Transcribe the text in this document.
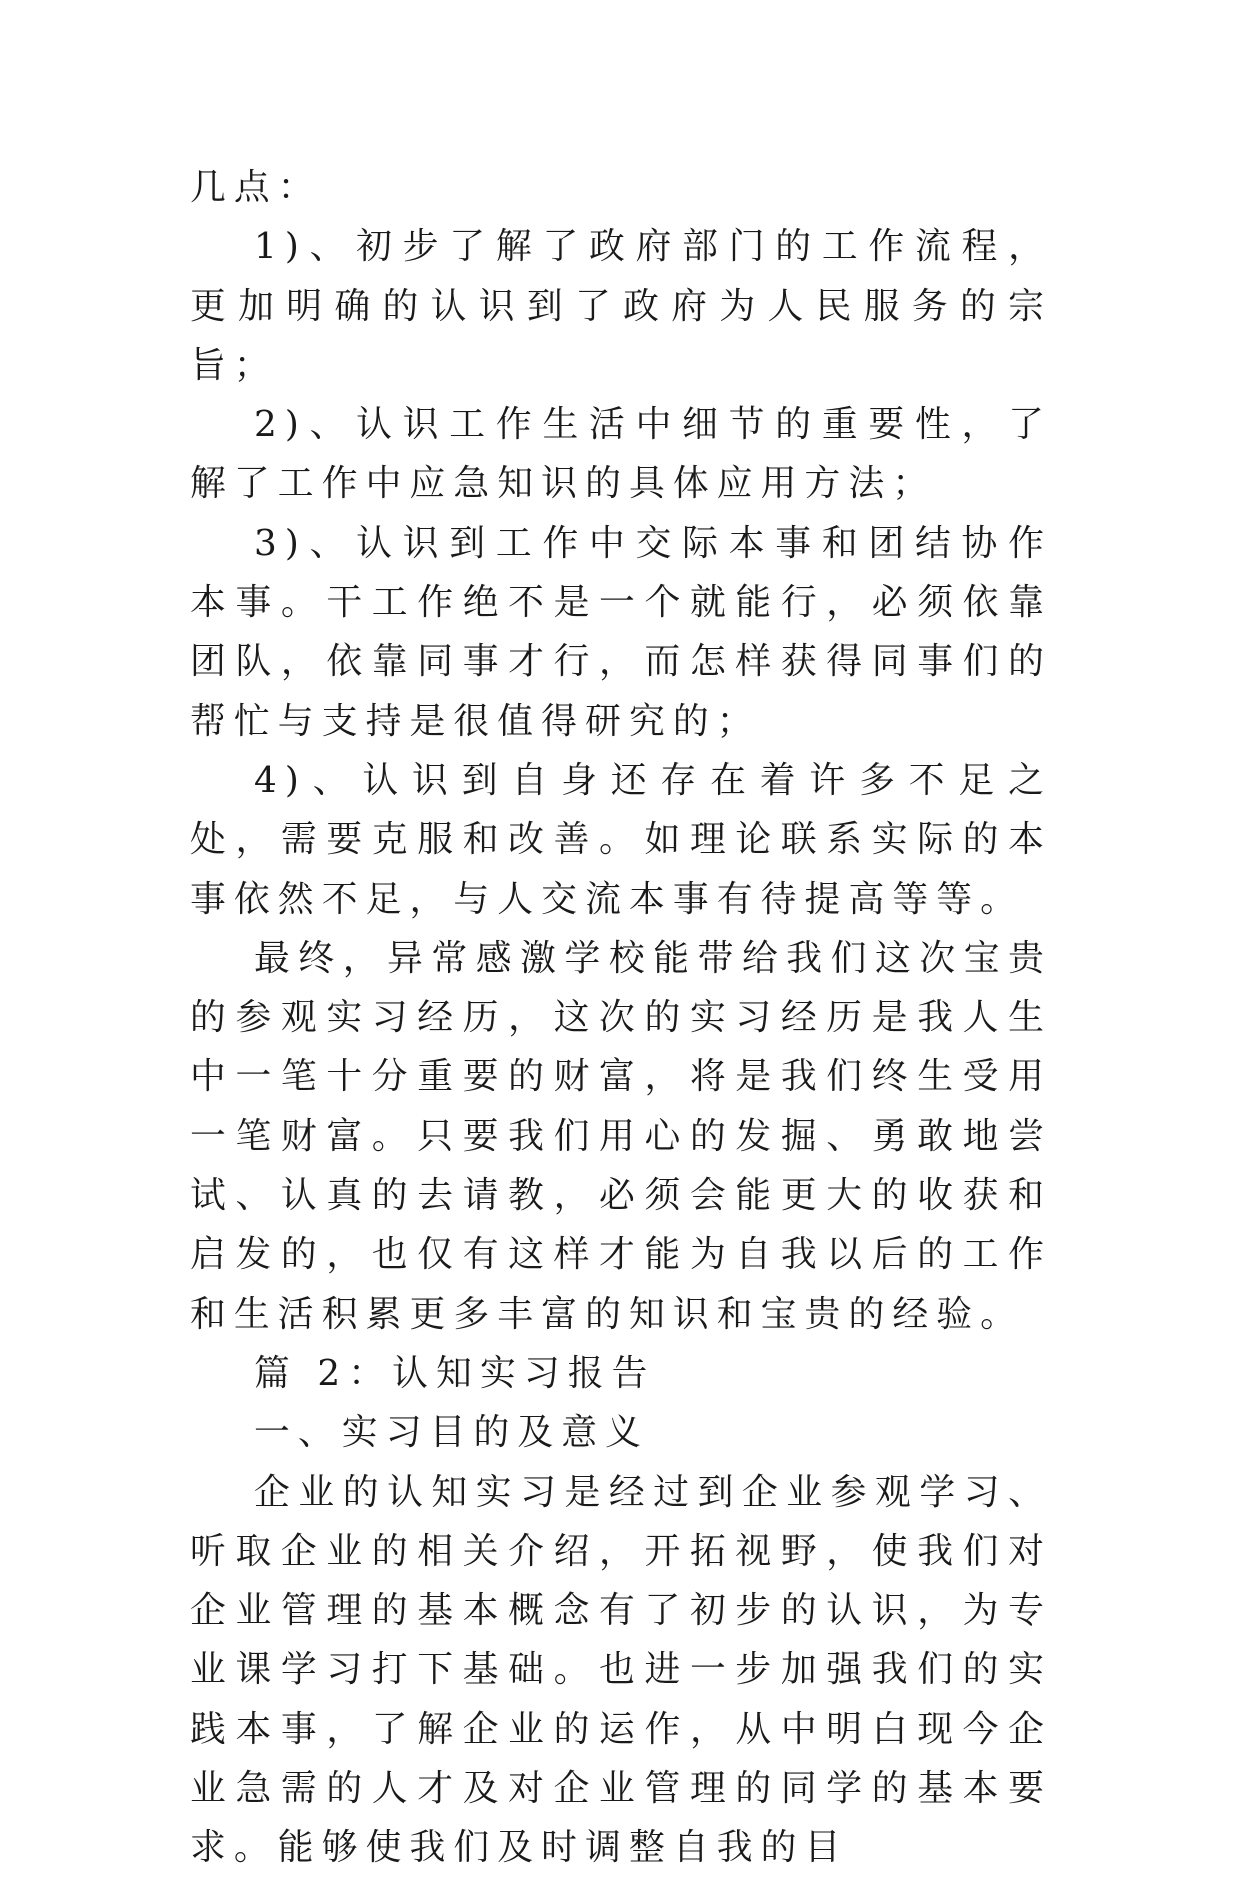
几点：

1)、初步了解了政府部门的工作流程，更加明确的认识到了政府为人民服务的宗旨；

2)、认识工作生活中细节的重要性，了解了工作中应急知识的具体应用方法；

3)、认识到工作中交际本事和团结协作本事。干工作绝不是一个就能行，必须依靠团队，依靠同事才行，而怎样获得同事们的帮忙与支持是很值得研究的；

4)、认识到自身还存在着许多不足之处，需要克服和改善。如理论联系实际的本事依然不足，与人交流本事有待提高等等。

最终，异常感激学校能带给我们这次宝贵的参观实习经历，这次的实习经历是我人生中一笔十分重要的财富，将是我们终生受用一笔财富。只要我们用心的发掘、勇敢地尝试、认真的去请教，必须会能更大的收获和启发的，也仅有这样才能为自我以后的工作和生活积累更多丰富的知识和宝贵的经验。

篇 2：认知实习报告

一、实习目的及意义

企业的认知实习是经过到企业参观学习、听取企业的相关介绍，开拓视野，使我们对企业管理的基本概念有了初步的认识，为专业课学习打下基础。也进一步加强我们的实践本事，了解企业的运作，从中明白现今企业急需的人才及对企业管理的同学的基本要求。能够使我们及时调整自我的目
